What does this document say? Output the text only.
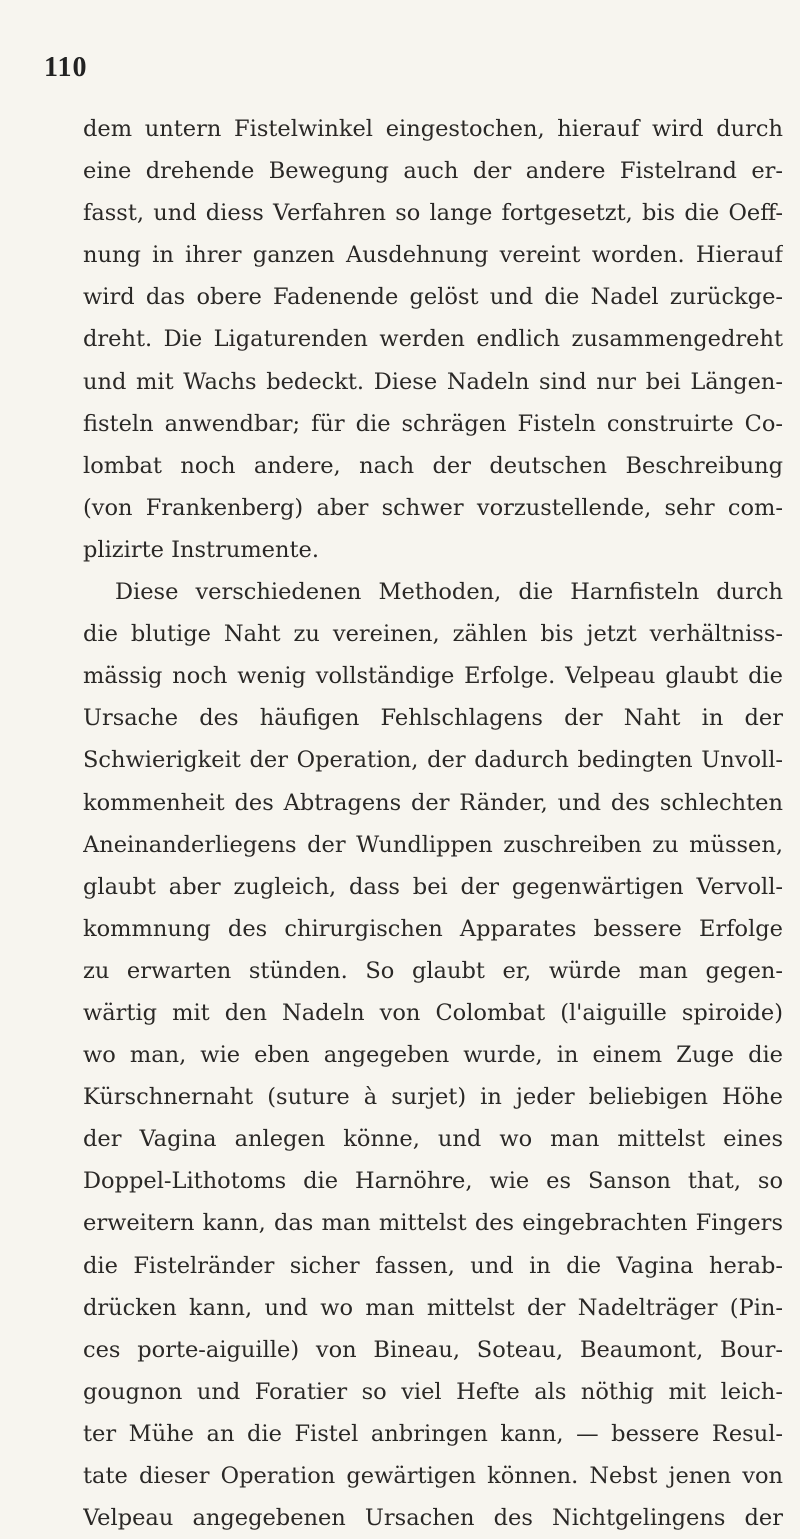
110
dem untern Fistelwinkel eingestochen, hierauf wird durch
eine drehende Bewegung auch der andere Fistelrand er-
fasst, und diess Verfahren so lange fortgesetzt, bis die Oeff-
nung in ihrer ganzen Ausdehnung vereint worden. Hierauf
wird das obere Fadenende gelöst und die Nadel zurückge-
dreht. Die Ligaturenden werden endlich zusammengedreht
und mit Wachs bedeckt. Diese Nadeln sind nur bei Längen-
fisteln anwendbar; für die schrägen Fisteln construirte Co-
lombat noch andere, nach der deutschen Beschreibung
(von Frankenberg) aber schwer vorzustellende, sehr com-
plizirte Instrumente.
Diese verschiedenen Methoden, die Harnfisteln durch
die blutige Naht zu vereinen, zählen bis jetzt verhältniss-
mässig noch wenig vollständige Erfolge. Velpeau glaubt die
Ursache des häufigen Fehlschlagens der Naht in der
Schwierigkeit der Operation, der dadurch bedingten Unvoll-
kommenheit des Abtragens der Ränder, und des schlechten
Aneinanderliegens der Wundlippen zuschreiben zu müssen,
glaubt aber zugleich, dass bei der gegenwärtigen Vervoll-
kommnung des chirurgischen Apparates bessere Erfolge
zu erwarten stünden. So glaubt er, würde man gegen-
wärtig mit den Nadeln von Colombat (l'aiguille spiroide)
wo man, wie eben angegeben wurde, in einem Zuge die
Kürschnernaht (suture à surjet) in jeder beliebigen Höhe
der Vagina anlegen könne, und wo man mittelst eines
Doppel-Lithotoms die Harnöhre, wie es Sanson that, so
erweitern kann, das man mittelst des eingebrachten Fingers
die Fistelränder sicher fassen, und in die Vagina herab-
drücken kann, und wo man mittelst der Nadelträger (Pin-
ces porte-aiguille) von Bineau, Soteau, Beaumont, Bour-
gougnon und Foratier so viel Hefte als nöthig mit leich-
ter Mühe an die Fistel anbringen kann, — bessere Resul-
tate dieser Operation gewärtigen können. Nebst jenen von
Velpeau angegebenen Ursachen des Nichtgelingens der
